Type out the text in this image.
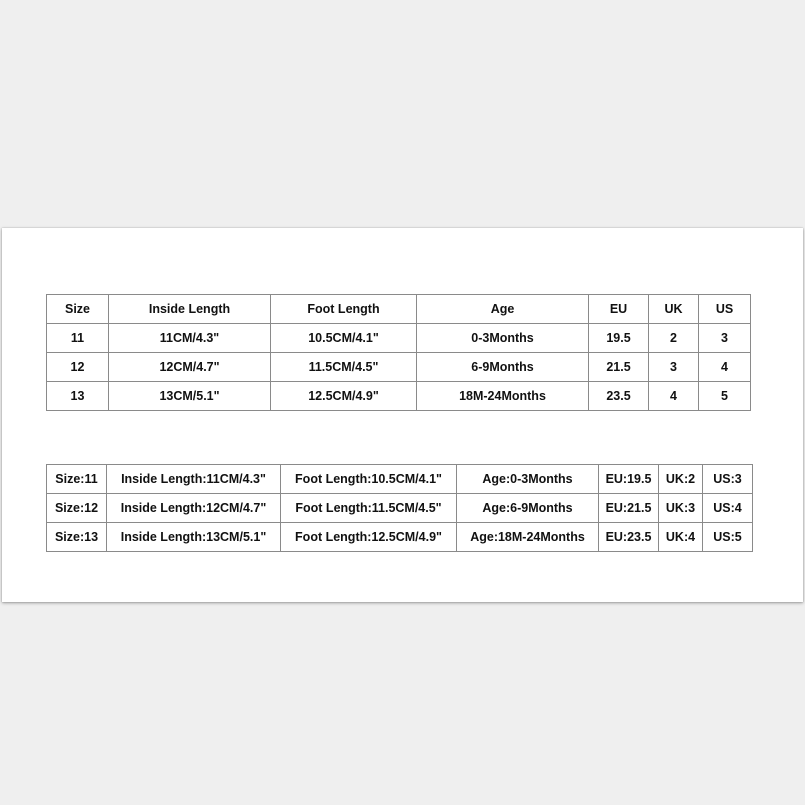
Size	Inside Length	Foot Length	Age	EU	UK	US
11	11CM/4.3"	10.5CM/4.1"	0-3Months	19.5	2	3
12	12CM/4.7"	11.5CM/4.5"	6-9Months	21.5	3	4
13	13CM/5.1"	12.5CM/4.9"	18M-24Months	23.5	4	5
Size:11	Inside Length:11CM/4.3"	Foot Length:10.5CM/4.1"	Age:0-3Months	EU:19.5	UK:2	US:3
Size:12	Inside Length:12CM/4.7"	Foot Length:11.5CM/4.5"	Age:6-9Months	EU:21.5	UK:3	US:4
Size:13	Inside Length:13CM/5.1"	Foot Length:12.5CM/4.9"	Age:18M-24Months	EU:23.5	UK:4	US:5
